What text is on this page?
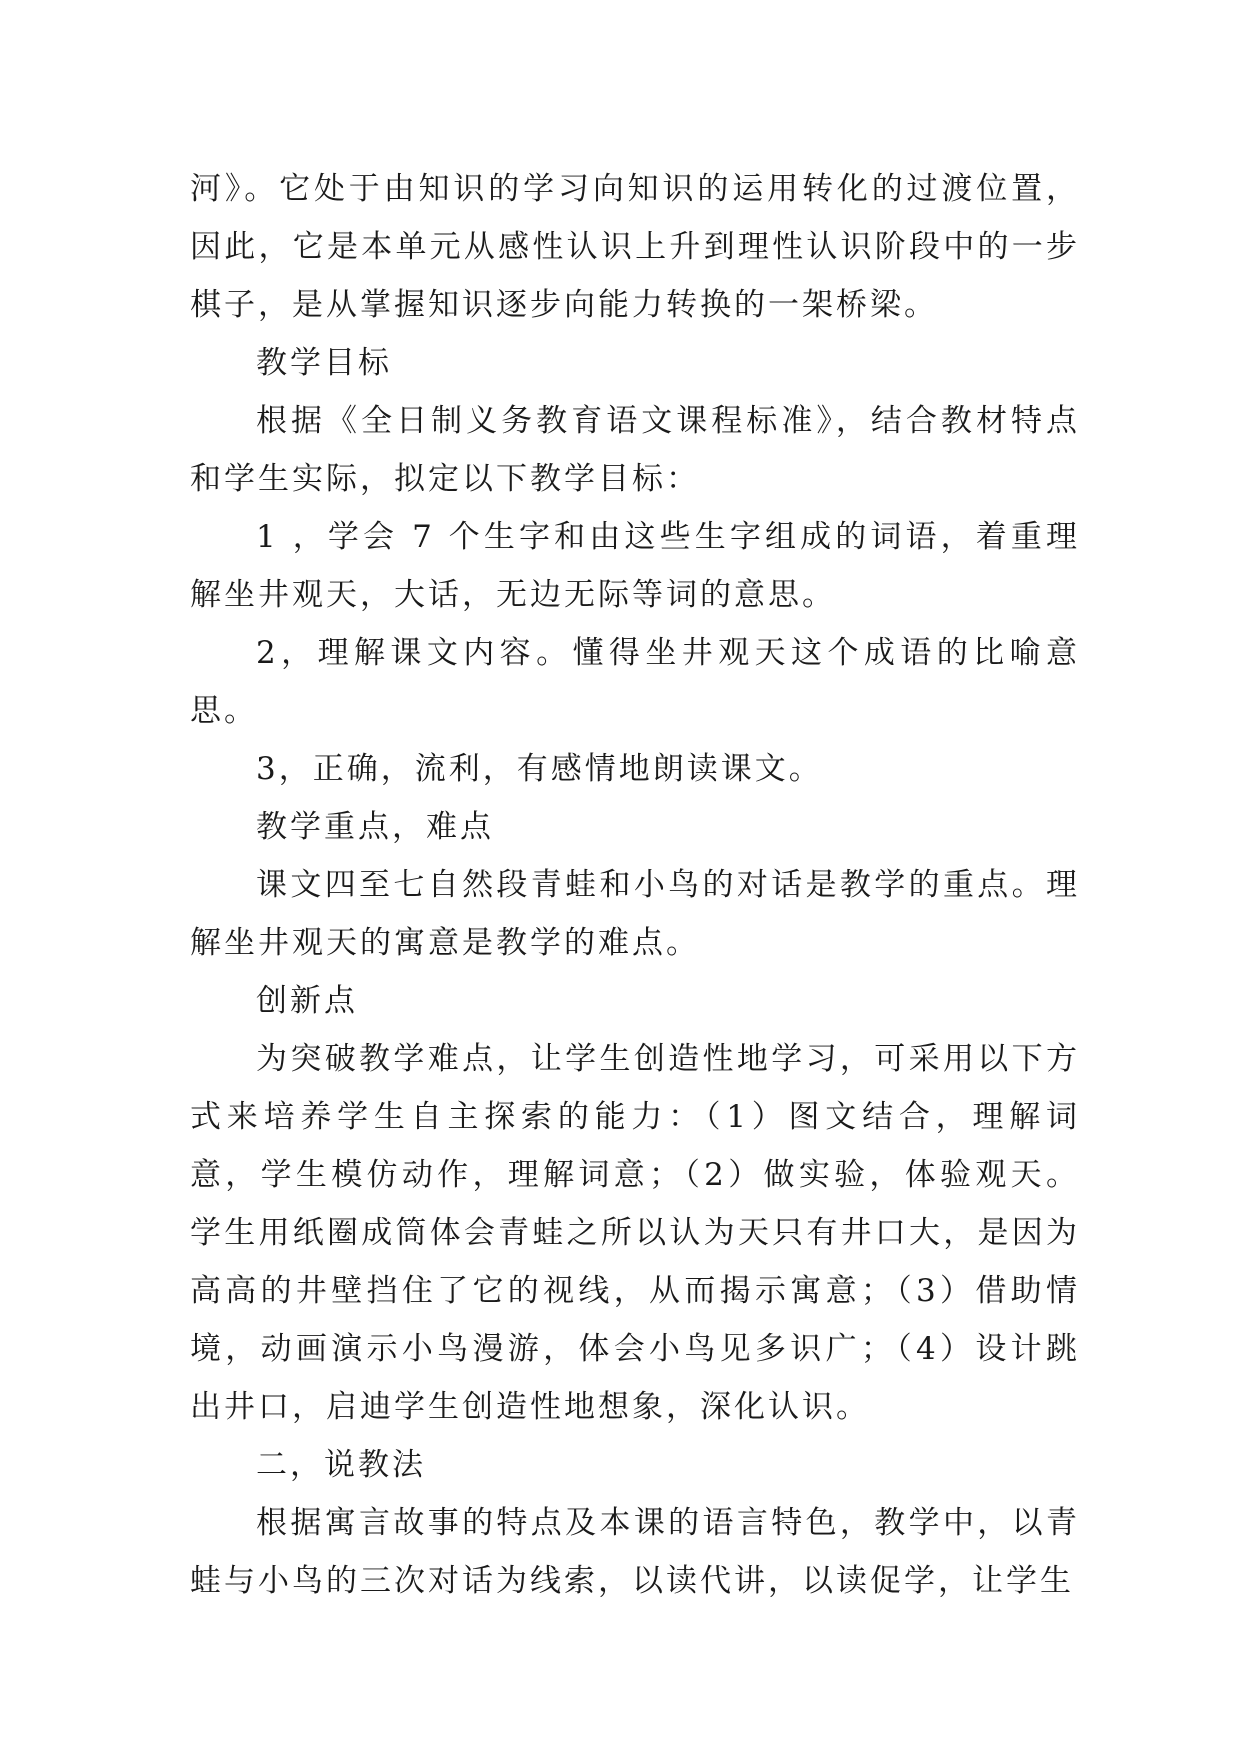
河》。它处于由知识的学习向知识的运用转化的过渡位置，因此，它是本单元从感性认识上升到理性认识阶段中的一步棋子，是从掌握知识逐步向能力转换的一架桥梁。

教学目标

根据《全日制义务教育语文课程标准》，结合教材特点和学生实际，拟定以下教学目标：

1 ，学会 7 个生字和由这些生字组成的词语，着重理解坐井观天，大话，无边无际等词的意思。

2，理解课文内容。懂得坐井观天这个成语的比喻意思。

3，正确，流利，有感情地朗读课文。

教学重点，难点

课文四至七自然段青蛙和小鸟的对话是教学的重点。理解坐井观天的寓意是教学的难点。

创新点

为突破教学难点，让学生创造性地学习，可采用以下方式来培养学生自主探索的能力：（1）图文结合，理解词意，学生模仿动作，理解词意；（2）做实验，体验观天。学生用纸圈成筒体会青蛙之所以认为天只有井口大，是因为高高的井壁挡住了它的视线，从而揭示寓意；（3）借助情境，动画演示小鸟漫游，体会小鸟见多识广；（4）设计跳出井口，启迪学生创造性地想象，深化认识。

二，说教法

根据寓言故事的特点及本课的语言特色，教学中，以青蛙与小鸟的三次对话为线索，以读代讲，以读促学，让学生
